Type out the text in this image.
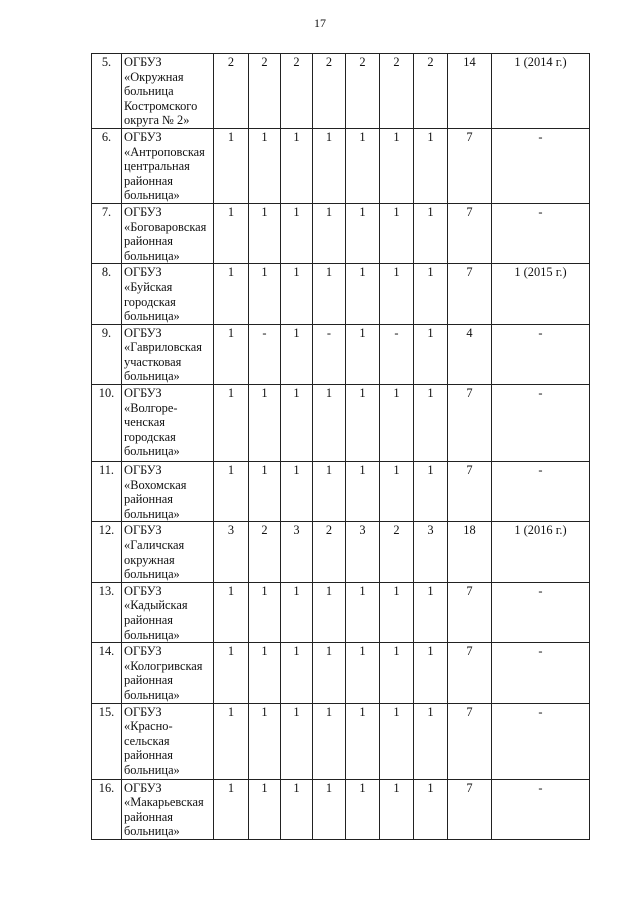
17
5.	ОГБУЗ
«Окружная
больница
Костромского
округа № 2»	2	2	2	2	2	2	2	14	1 (2014 г.)
6.	ОГБУЗ
«Антроповская
центральная
районная
больница»	1	1	1	1	1	1	1	7	-
7.	ОГБУЗ
«Боговаровская
районная
больница»	1	1	1	1	1	1	1	7	-
8.	ОГБУЗ
«Буйская
городская
больница»	1	1	1	1	1	1	1	7	1 (2015 г.)
9.	ОГБУЗ
«Гавриловская
участковая
больница»	1	-	1	-	1	-	1	4	-
10.	ОГБУЗ
«Волгоре-
ченская
городская
больница»	1	1	1	1	1	1	1	7	-
11.	ОГБУЗ
«Вохомская
районная
больница»	1	1	1	1	1	1	1	7	-
12.	ОГБУЗ
«Галичская
окружная
больница»	3	2	3	2	3	2	3	18	1 (2016 г.)
13.	ОГБУЗ
«Кадыйская
районная
больница»	1	1	1	1	1	1	1	7	-
14.	ОГБУЗ
«Кологривская
районная
больница»	1	1	1	1	1	1	1	7	-
15.	ОГБУЗ
«Красно-
сельская
районная
больница»	1	1	1	1	1	1	1	7	-
16.	ОГБУЗ
«Макарьевская
районная
больница»	1	1	1	1	1	1	1	7	-
